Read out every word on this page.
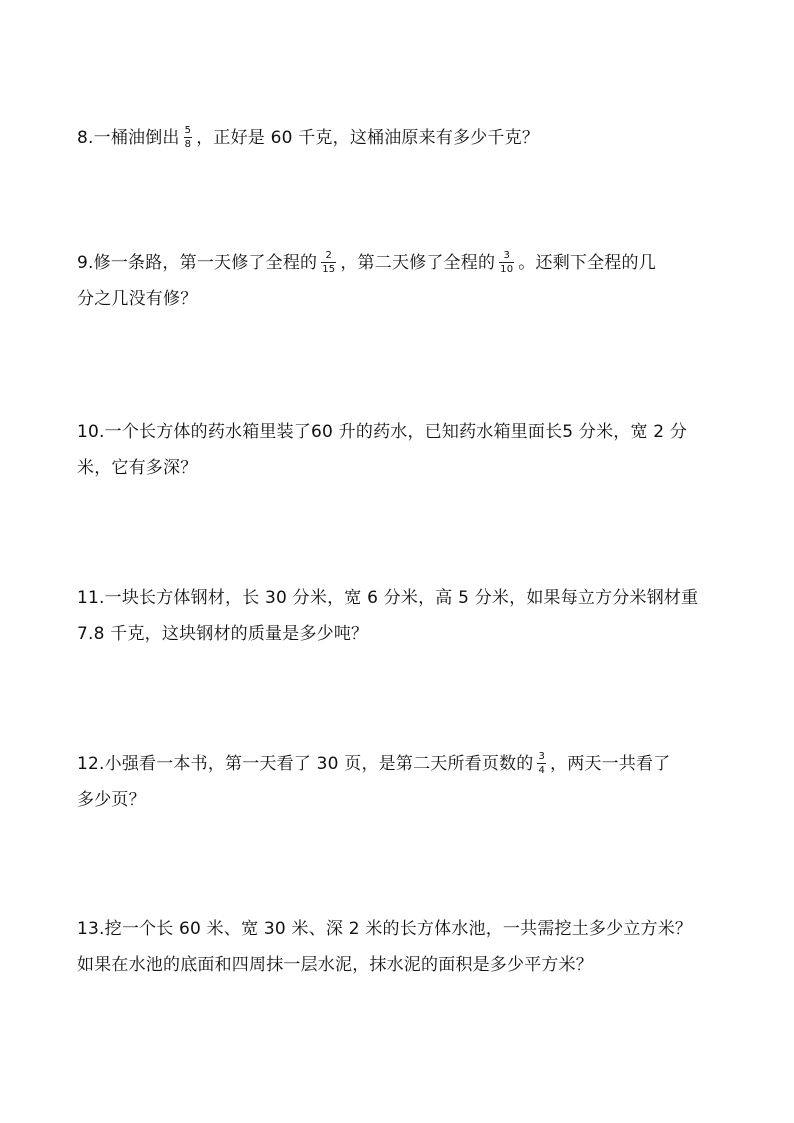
8.一桶油倒出 $\frac{5}{8}$ ，正好是 60 千克，这桶油原来有多少千克？
9.修一条路，第一天修了全程的 $\frac{2}{15}$ ，第二天修了全程的 $\frac{3}{10}$ 。还剩下全程的几
分之几没有修？
10.一个长方体的药水箱里装了60 升的药水，已知药水箱里面长5 分米，宽 2 分
米，它有多深？
11.一块长方体钢材，长 30 分米，宽 6 分米，高 5 分米，如果每立方分米钢材重
7.8 千克，这块钢材的质量是多少吨？
12.小强看一本书，第一天看了 30 页，是第二天所看页数的 $\frac{3}{4}$ ，两天一共看了
多少页？
13.挖一个长 60 米、宽 30 米、深 2 米的长方体水池，一共需挖土多少立方米？
如果在水池的底面和四周抹一层水泥，抹水泥的面积是多少平方米？
